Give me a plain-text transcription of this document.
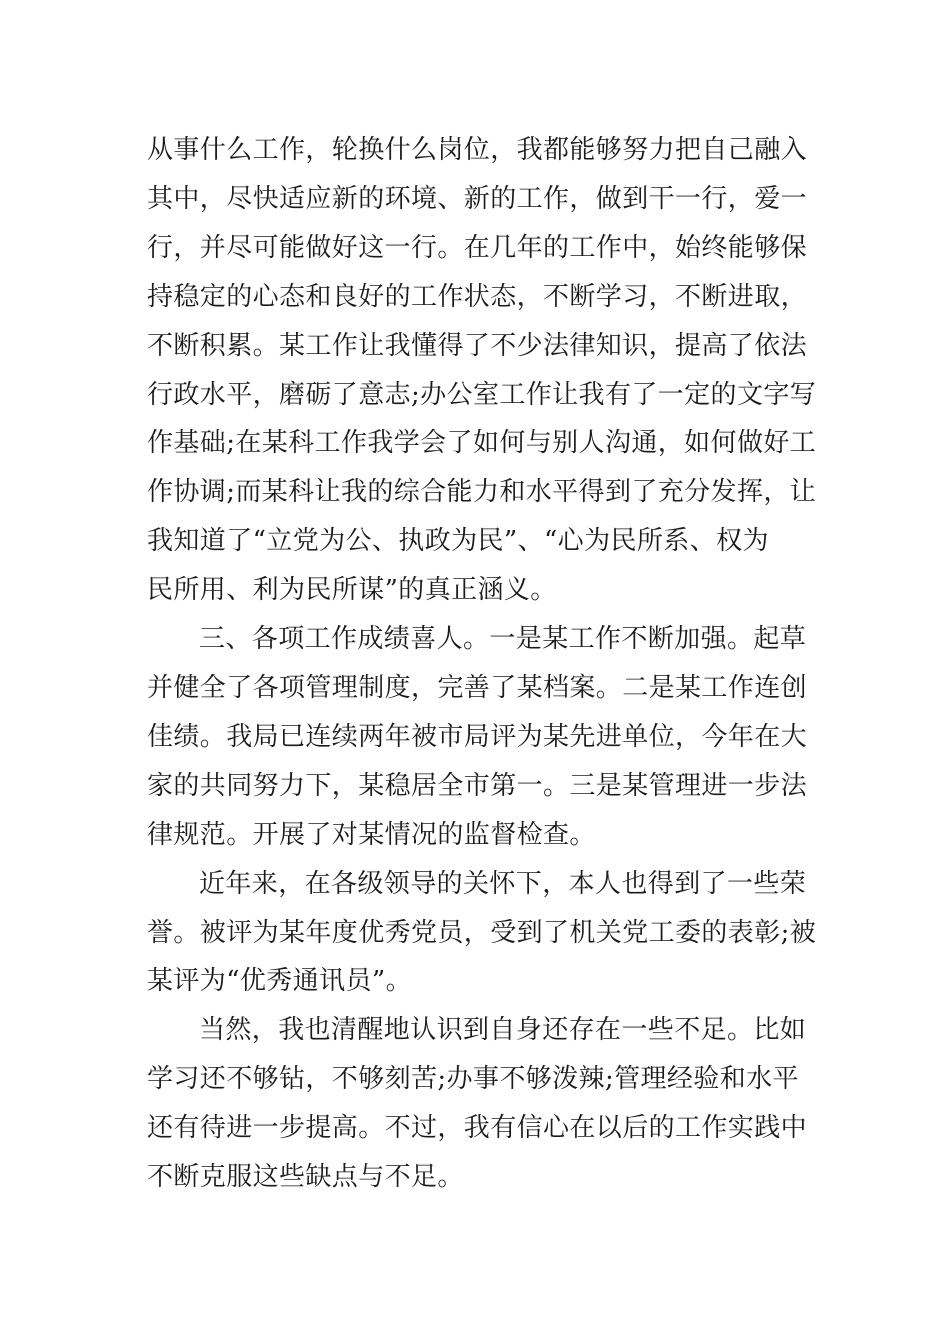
从事什么工作，轮换什么岗位，我都能够努力把自己融入
其中，尽快适应新的环境、新的工作，做到干一行，爱一
行，并尽可能做好这一行。在几年的工作中，始终能够保
持稳定的心态和良好的工作状态，不断学习，不断进取，
不断积累。某工作让我懂得了不少法律知识，提高了依法
行政水平，磨砺了意志;办公室工作让我有了一定的文字写
作基础;在某科工作我学会了如何与别人沟通，如何做好工
作协调;而某科让我的综合能力和水平得到了充分发挥，让
我知道了“立党为公、执政为民”、“心为民所系、权为
民所用、利为民所谋”的真正涵义。

三、各项工作成绩喜人。一是某工作不断加强。起草
并健全了各项管理制度，完善了某档案。二是某工作连创
佳绩。我局已连续两年被市局评为某先进单位，今年在大
家的共同努力下，某稳居全市第一。三是某管理进一步法
律规范。开展了对某情况的监督检查。

近年来，在各级领导的关怀下，本人也得到了一些荣
誉。被评为某年度优秀党员，受到了机关党工委的表彰;被
某评为“优秀通讯员”。

当然，我也清醒地认识到自身还存在一些不足。比如
学习还不够钻，不够刻苦;办事不够泼辣;管理经验和水平
还有待进一步提高。不过，我有信心在以后的工作实践中
不断克服这些缺点与不足。
